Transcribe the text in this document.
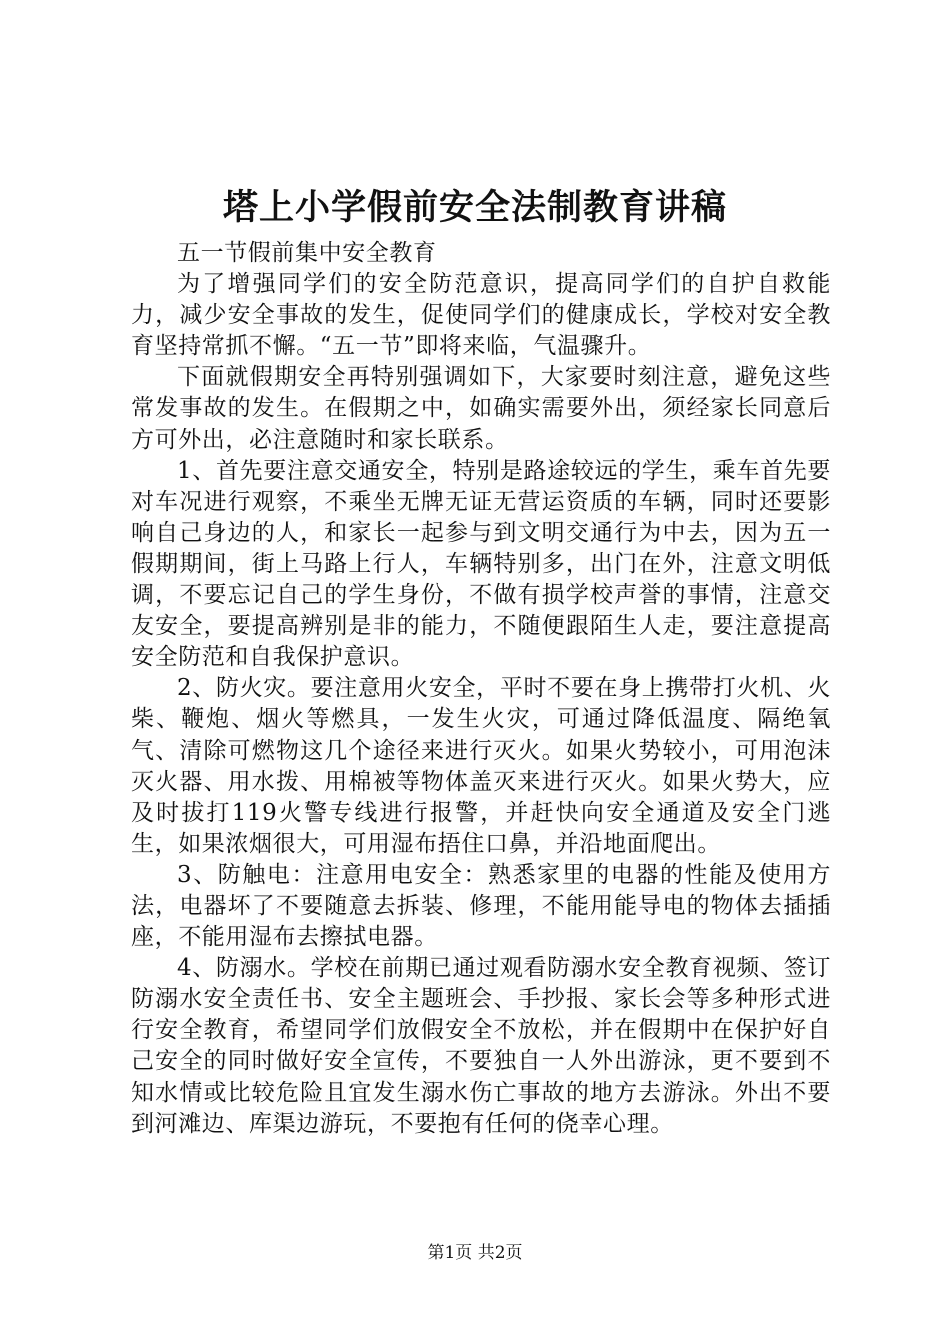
塔上小学假前安全法制教育讲稿

五一节假前集中安全教育

为了增强同学们的安全防范意识，提高同学们的自护自救能力，减少安全事故的发生，促使同学们的健康成长，学校对安全教育坚持常抓不懈。“五一节”即将来临，气温骤升。

下面就假期安全再特别强调如下，大家要时刻注意，避免这些常发事故的发生。在假期之中，如确实需要外出，须经家长同意后方可外出，必注意随时和家长联系。

1、首先要注意交通安全，特别是路途较远的学生，乘车首先要对车况进行观察，不乘坐无牌无证无营运资质的车辆，同时还要影响自己身边的人，和家长一起参与到文明交通行为中去，因为五一假期期间，街上马路上行人，车辆特别多，出门在外，注意文明低调，不要忘记自己的学生身份，不做有损学校声誉的事情，注意交友安全，要提高辨别是非的能力，不随便跟陌生人走，要注意提高安全防范和自我保护意识。

2、防火灾。要注意用火安全，平时不要在身上携带打火机、火柴、鞭炮、烟火等燃具，一发生火灾，可通过降低温度、隔绝氧气、清除可燃物这几个途径来进行灭火。如果火势较小，可用泡沫灭火器、用水拨、用棉被等物体盖灭来进行灭火。如果火势大，应及时拔打119火警专线进行报警，并赶快向安全通道及安全门逃生，如果浓烟很大，可用湿布捂住口鼻，并沿地面爬出。

3、防触电：注意用电安全：熟悉家里的电器的性能及使用方法，电器坏了不要随意去拆装、修理，不能用能导电的物体去插插座，不能用湿布去擦拭电器。

4、防溺水。学校在前期已通过观看防溺水安全教育视频、签订防溺水安全责任书、安全主题班会、手抄报、家长会等多种形式进行安全教育，希望同学们放假安全不放松，并在假期中在保护好自己安全的同时做好安全宣传，不要独自一人外出游泳，更不要到不知水情或比较危险且宜发生溺水伤亡事故的地方去游泳。外出不要到河滩边、库渠边游玩，不要抱有任何的侥幸心理。

第1页 共2页
